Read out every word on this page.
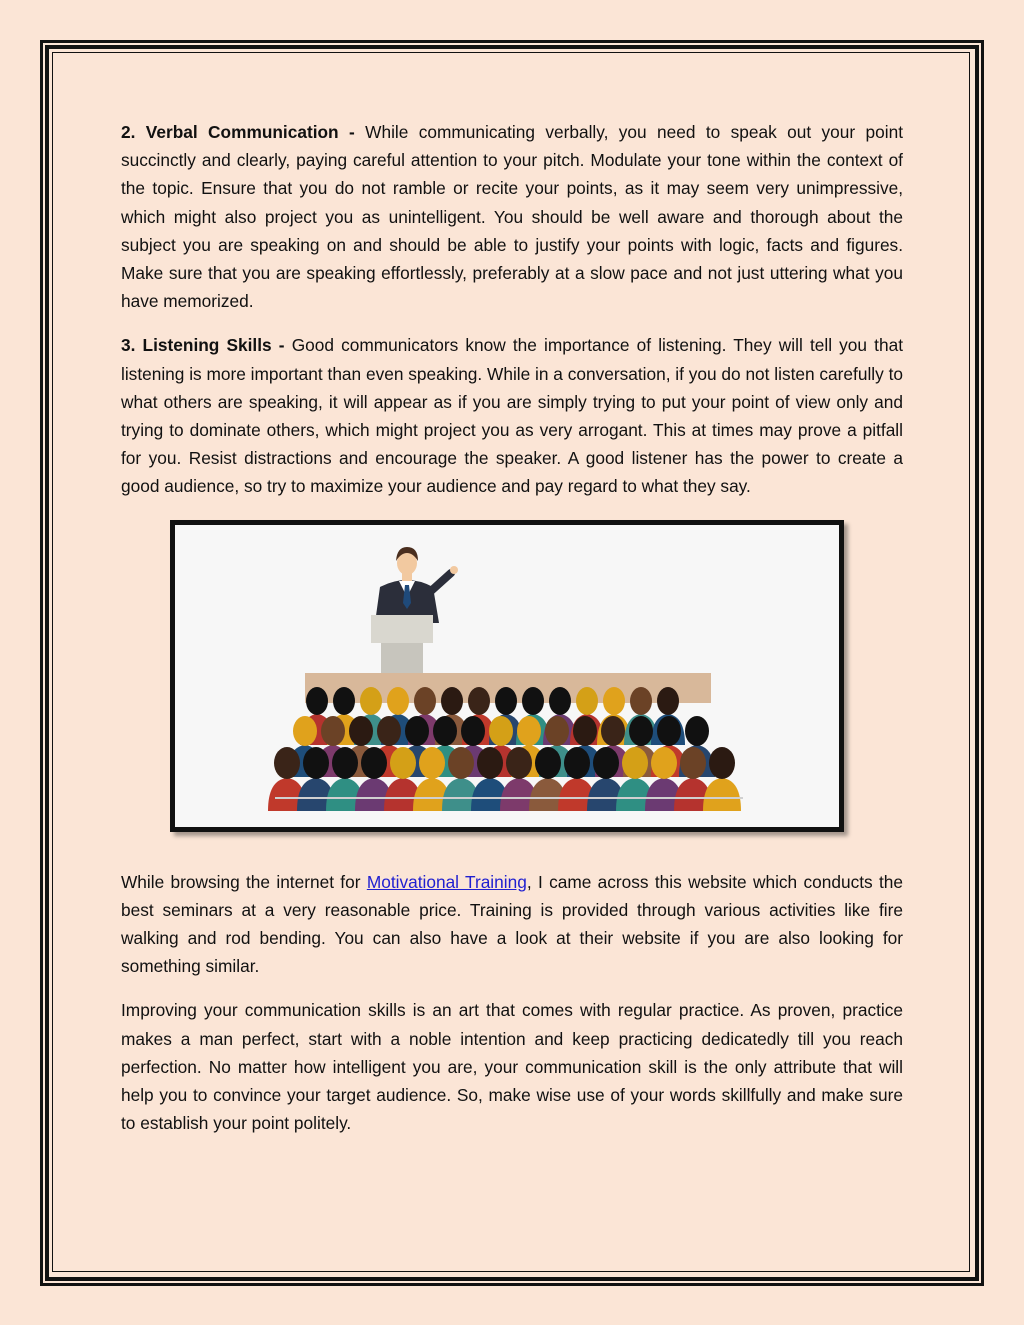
2. Verbal Communication - While communicating verbally, you need to speak out your point succinctly and clearly, paying careful attention to your pitch. Modulate your tone within the context of the topic. Ensure that you do not ramble or recite your points, as it may seem very unimpressive, which might also project you as unintelligent. You should be well aware and thorough about the subject you are speaking on and should be able to justify your points with logic, facts and figures. Make sure that you are speaking effortlessly, preferably at a slow pace and not just uttering what you have memorized.

3. Listening Skills - Good communicators know the importance of listening. They will tell you that listening is more important than even speaking. While in a conversation, if you do not listen carefully to what others are speaking, it will appear as if you are simply trying to put your point of view only and trying to dominate others, which might project you as very arrogant. This at times may prove a pitfall for you. Resist distractions and encourage the speaker. A good listener has the power to create a good audience, so try to maximize your audience and pay regard to what they say.

While browsing the internet for Motivational Training, I came across this website which conducts the best seminars at a very reasonable price. Training is provided through various activities like fire walking and rod bending. You can also have a look at their website if you are also looking for something similar.

Improving your communication skills is an art that comes with regular practice. As proven, practice makes a man perfect, start with a noble intention and keep practicing dedicatedly till you reach perfection. No matter how intelligent you are, your communication skill is the only attribute that will help you to convince your target audience. So, make wise use of your words skillfully and make sure to establish your point politely.
